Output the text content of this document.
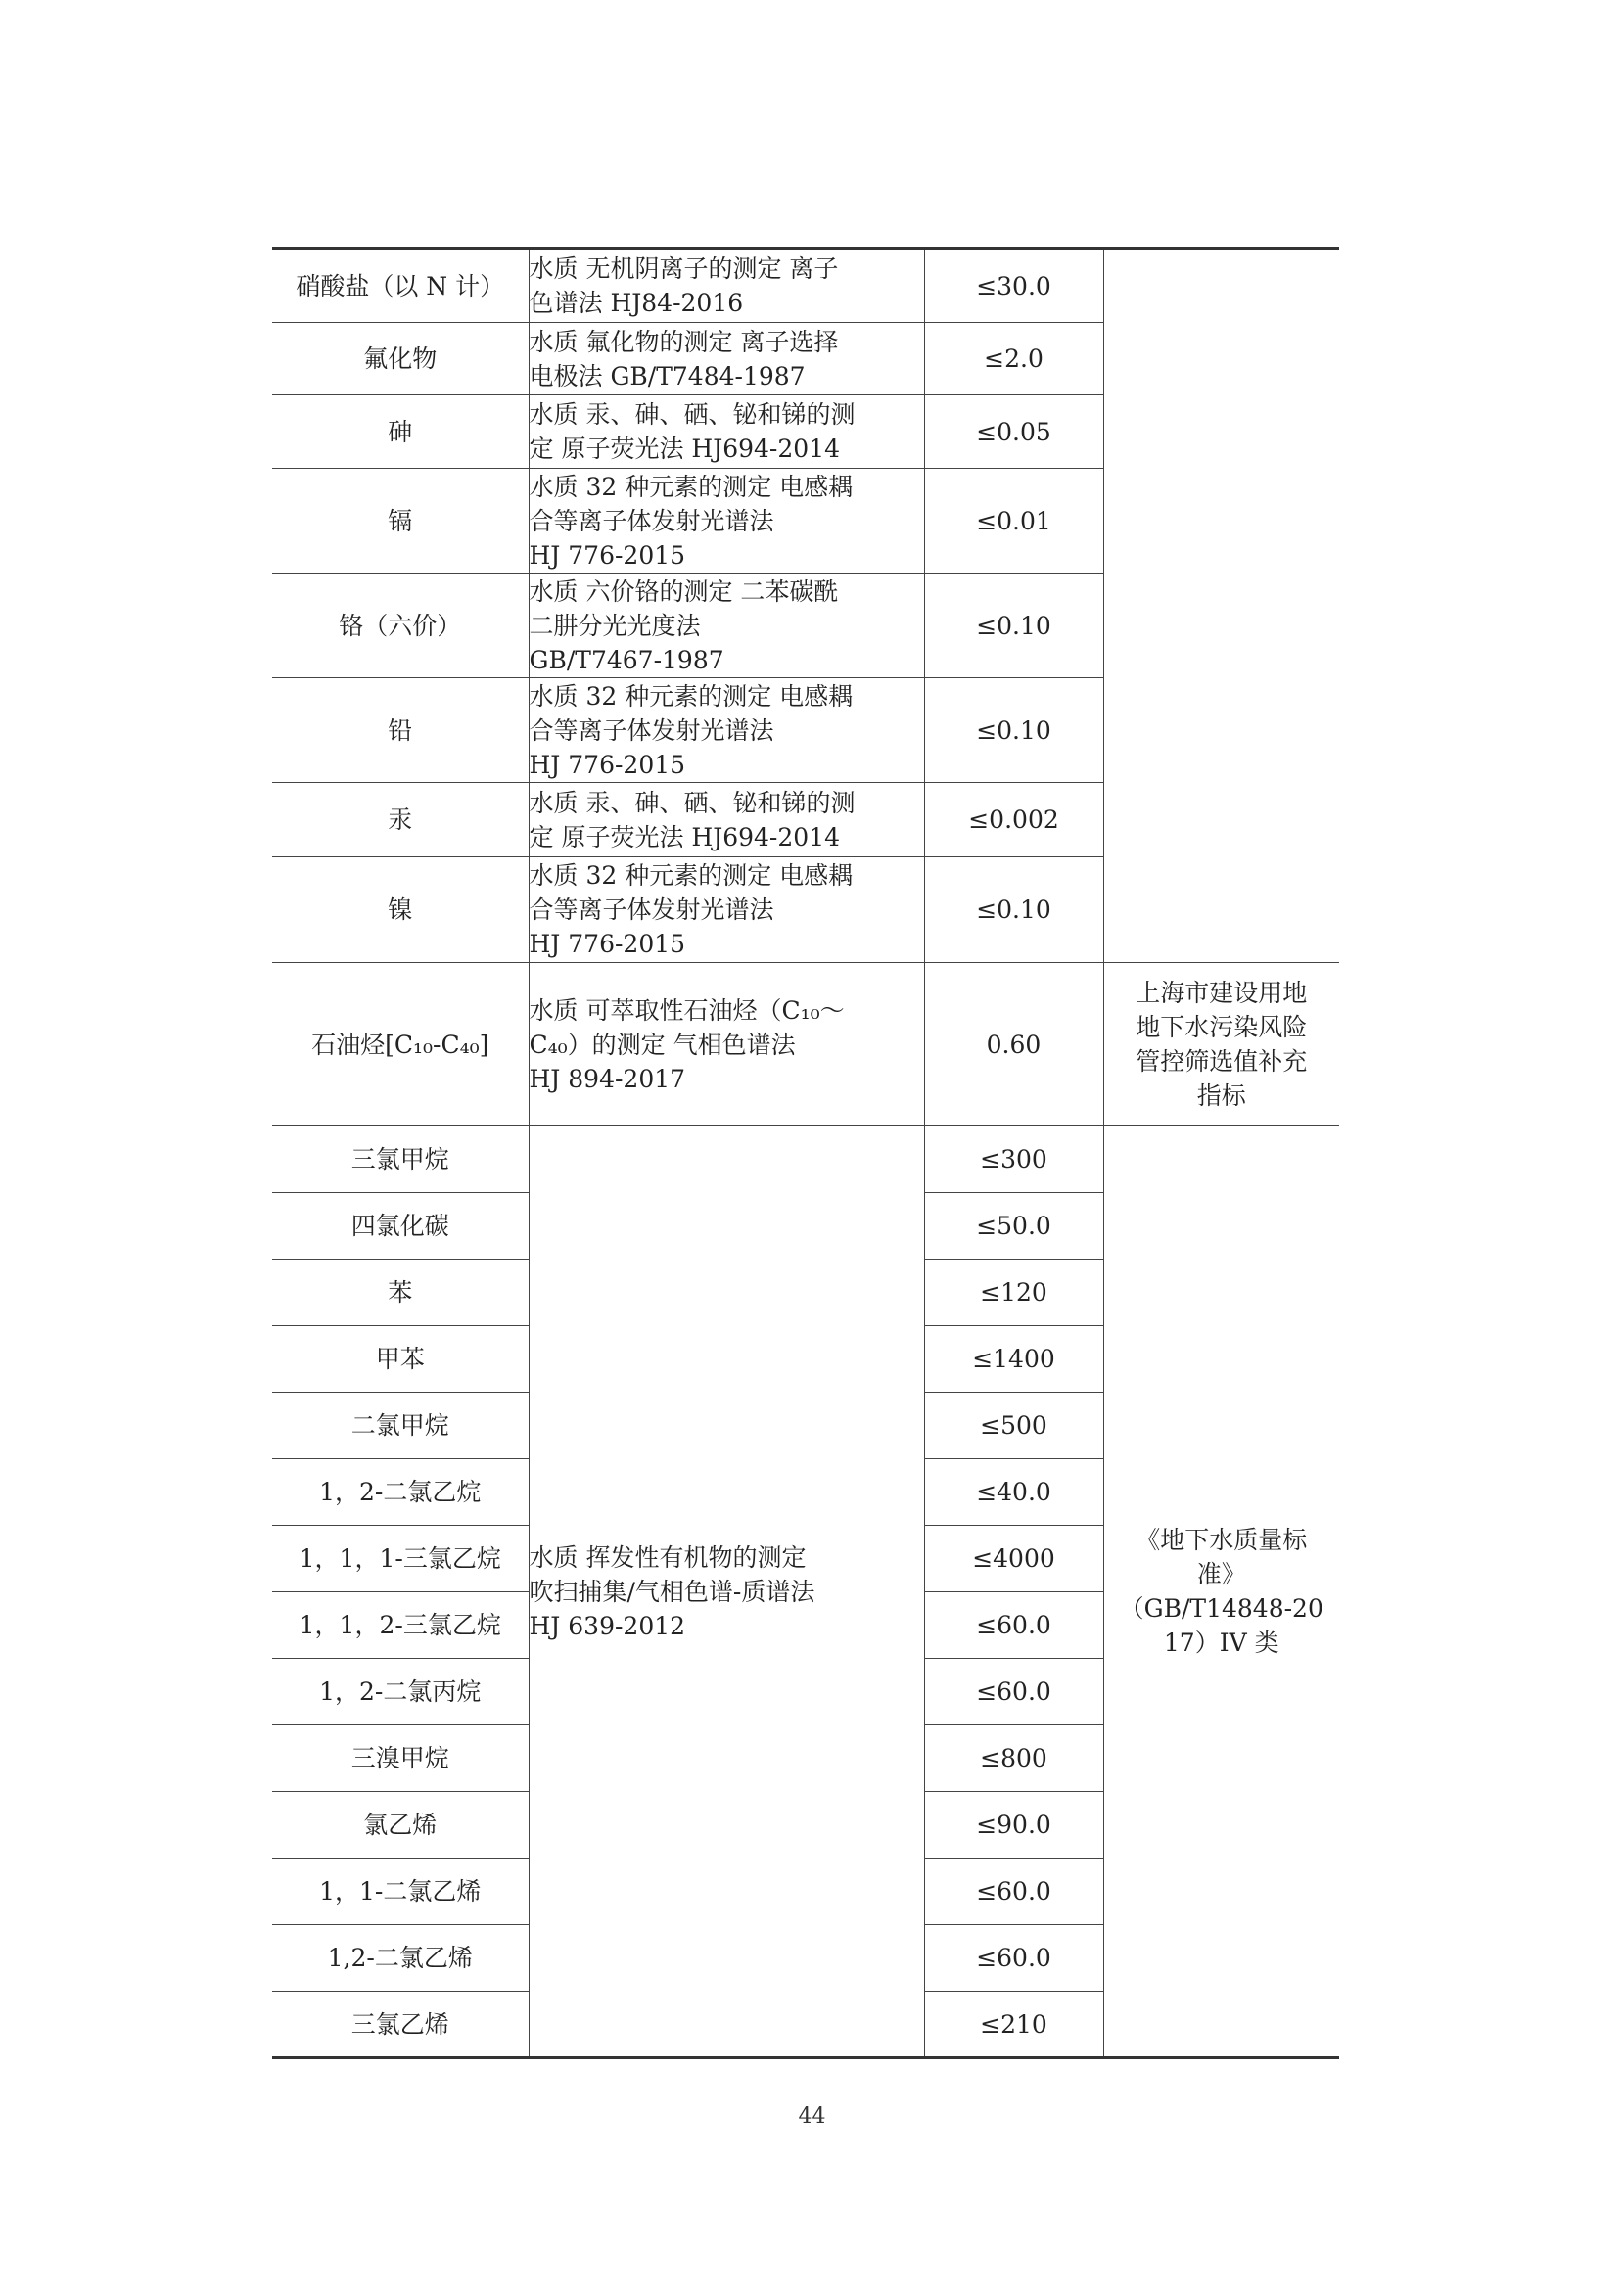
硝酸盐（以 N 计）	水质 无机阴离子的测定 离子
色谱法 HJ84-2016	≤30.0	

氟化物	水质 氟化物的测定 离子选择
电极法 GB/T7484-1987	≤2.0	

砷	水质 汞、砷、硒、铋和锑的测
定 原子荧光法 HJ694-2014	≤0.05	

镉	水质 32 种元素的测定 电感耦
合等离子体发射光谱法
HJ 776-2015	≤0.01	

铬（六价）	水质 六价铬的测定 二苯碳酰
二肼分光光度法
GB/T7467-1987	≤0.10	

铅	水质 32 种元素的测定 电感耦
合等离子体发射光谱法
HJ 776-2015	≤0.10	

汞	水质 汞、砷、硒、铋和锑的测
定 原子荧光法 HJ694-2014	≤0.002	

镍	水质 32 种元素的测定 电感耦
合等离子体发射光谱法
HJ 776-2015	≤0.10	

石油烃[C₁₀-C₄₀]	水质 可萃取性石油烃（C₁₀～
C₄₀）的测定 气相色谱法
HJ 894-2017	0.60	上海市建设用地
地下水污染风险
管控筛选值补充
指标

三氯甲烷	水质 挥发性有机物的测定
吹扫捕集/气相色谱-质谱法
HJ 639-2012	≤300	《地下水质量标
准》
（GB/T14848-20
17）IV 类

四氯化碳		≤50.0	

苯		≤120	

甲苯		≤1400	

二氯甲烷		≤500	

1，2-二氯乙烷		≤40.0	

1，1，1-三氯乙烷		≤4000	

1，1，2-三氯乙烷		≤60.0	

1，2-二氯丙烷		≤60.0	

三溴甲烷		≤800	

氯乙烯		≤90.0	

1，1-二氯乙烯		≤60.0	

1,2-二氯乙烯		≤60.0	

三氯乙烯		≤210	
44
